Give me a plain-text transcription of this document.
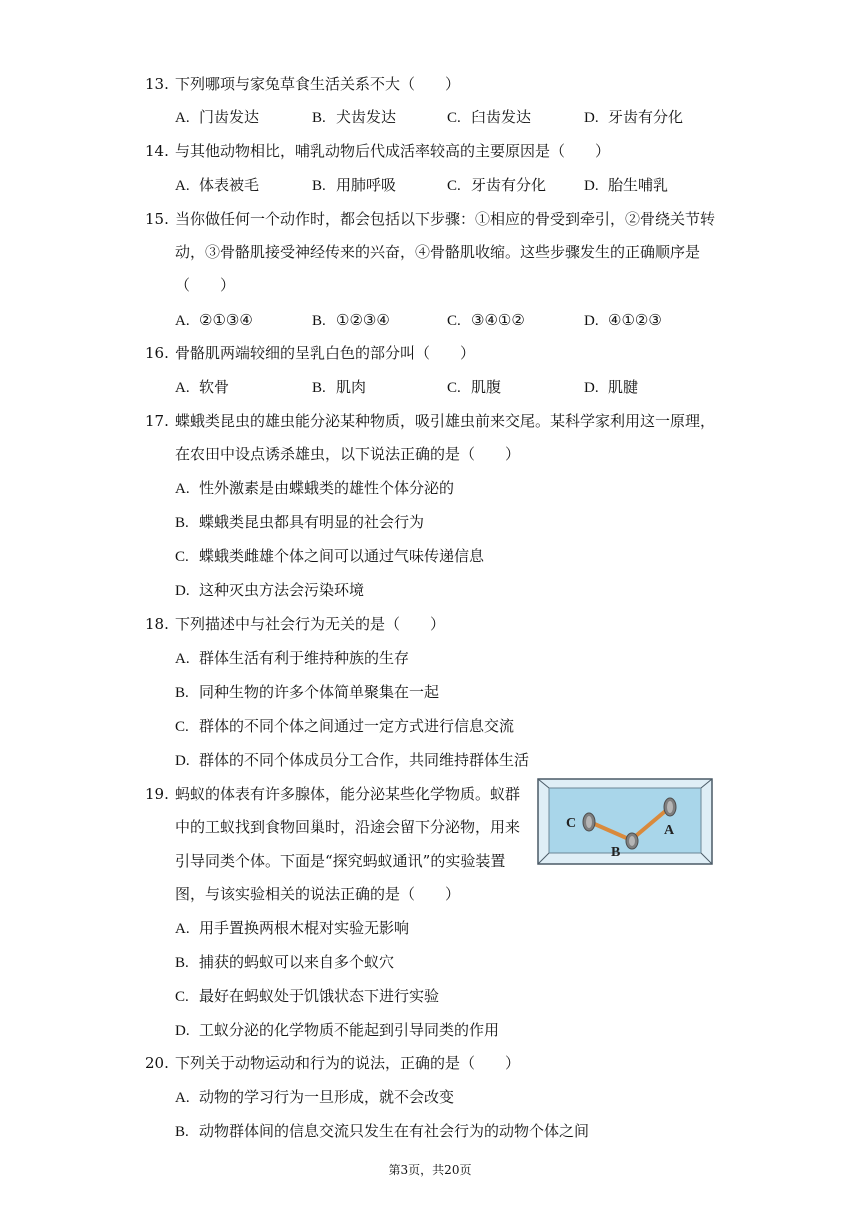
13. 下列哪项与家兔草食生活关系不大（　　）
A. 门齿发达	B. 犬齿发达	C. 臼齿发达	D. 牙齿有分化
14. 与其他动物相比，哺乳动物后代成活率较高的主要原因是（　　）
A. 体表被毛	B. 用肺呼吸	C. 牙齿有分化	D. 胎生哺乳
15. 当你做任何一个动作时，都会包括以下步骤：①相应的骨受到牵引，②骨绕关节转
动，③骨骼肌接受神经传来的兴奋，④骨骼肌收缩。这些步骤发生的正确顺序是
（　　）
A. ②①③④	B. ①②③④	C. ③④①②	D. ④①②③
16. 骨骼肌两端较细的呈乳白色的部分叫（　　）
A. 软骨	B. 肌肉	C. 肌腹	D. 肌腱
17. 蝶蛾类昆虫的雄虫能分泌某种物质，吸引雄虫前来交尾。某科学家利用这一原理，
在农田中设点诱杀雄虫，以下说法正确的是（　　）
A. 性外激素是由蝶蛾类的雄性个体分泌的
B. 蝶蛾类昆虫都具有明显的社会行为
C. 蝶蛾类雌雄个体之间可以通过气味传递信息
D. 这种灭虫方法会污染环境
18. 下列描述中与社会行为无关的是（　　）
A. 群体生活有利于维持种族的生存
B. 同种生物的许多个体简单聚集在一起
C. 群体的不同个体之间通过一定方式进行信息交流
D. 群体的不同个体成员分工合作，共同维持群体生活
19. 蚂蚁的体表有许多腺体，能分泌某些化学物质。蚁群
中的工蚁找到食物回巢时，沿途会留下分泌物，用来
引导同类个体。下面是“探究蚂蚁通讯”的实验装置
图，与该实验相关的说法正确的是（　　）
C
B
A
A. 用手置换两根木棍对实验无影响
B. 捕获的蚂蚁可以来自多个蚁穴
C. 最好在蚂蚁处于饥饿状态下进行实验
D. 工蚁分泌的化学物质不能起到引导同类的作用
20. 下列关于动物运动和行为的说法，正确的是（　　）
A. 动物的学习行为一旦形成，就不会改变
B. 动物群体间的信息交流只发生在有社会行为的动物个体之间
第3页，共20页
